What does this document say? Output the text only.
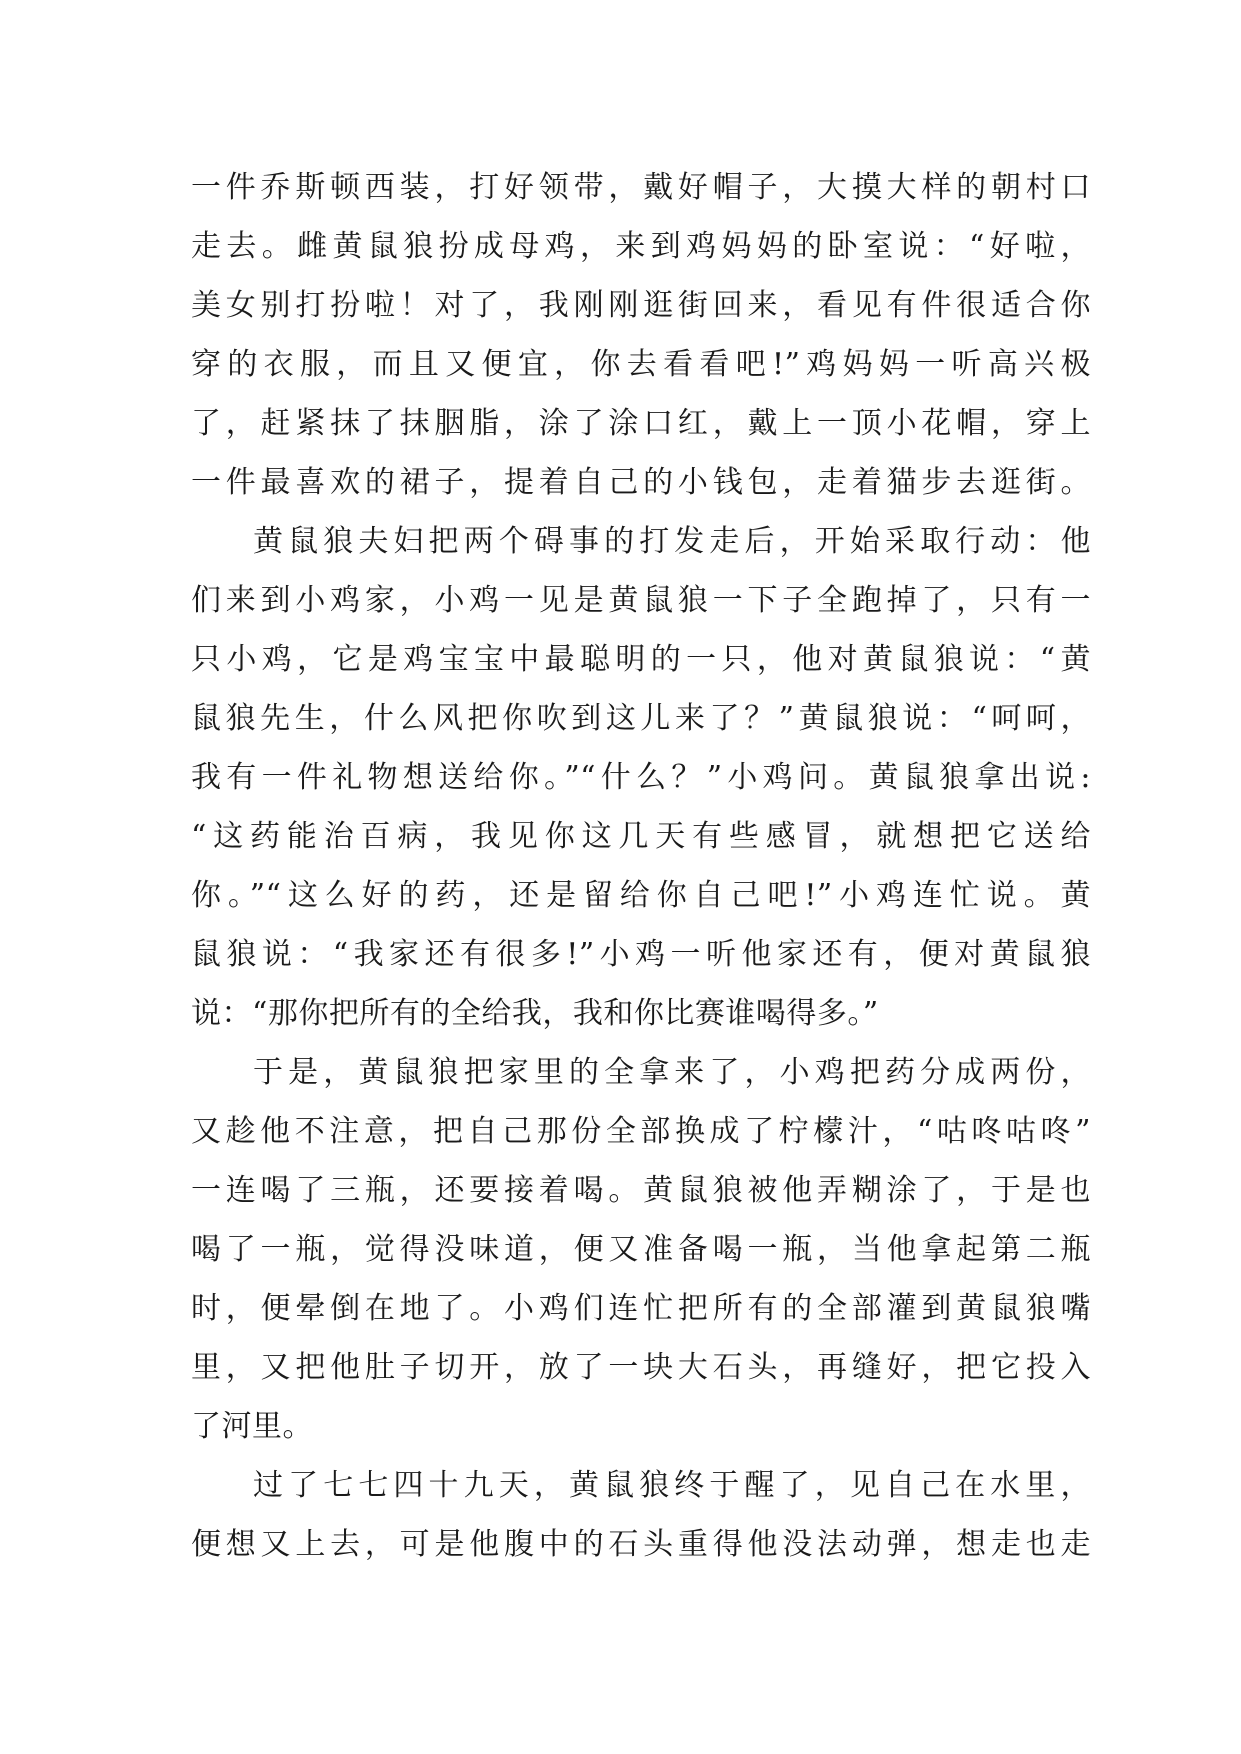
一件乔斯顿西装，打好领带，戴好帽子，大摸大样的朝村口
走去。雌黄鼠狼扮成母鸡，来到鸡妈妈的卧室说：“好啦，
美女别打扮啦！对了，我刚刚逛街回来，看见有件很适合你
穿的衣服，而且又便宜，你去看看吧!”鸡妈妈一听高兴极
了，赶紧抹了抹胭脂，涂了涂口红，戴上一顶小花帽，穿上
一件最喜欢的裙子，提着自己的小钱包，走着猫步去逛街。
黄鼠狼夫妇把两个碍事的打发走后，开始采取行动：他
们来到小鸡家，小鸡一见是黄鼠狼一下子全跑掉了，只有一
只小鸡，它是鸡宝宝中最聪明的一只，他对黄鼠狼说：“黄
鼠狼先生，什么风把你吹到这儿来了？”黄鼠狼说：“呵呵，
我有一件礼物想送给你。”“什么？”小鸡问。黄鼠狼拿出说:
“这药能治百病，我见你这几天有些感冒，就想把它送给
你。”“这么好的药，还是留给你自己吧!”小鸡连忙说。黄
鼠狼说：“我家还有很多!”小鸡一听他家还有，便对黄鼠狼
说：“那你把所有的全给我，我和你比赛谁喝得多。”
于是，黄鼠狼把家里的全拿来了，小鸡把药分成两份，
又趁他不注意，把自己那份全部换成了柠檬汁，“咕咚咕咚”
一连喝了三瓶，还要接着喝。黄鼠狼被他弄糊涂了，于是也
喝了一瓶，觉得没味道，便又准备喝一瓶，当他拿起第二瓶
时，便晕倒在地了。小鸡们连忙把所有的全部灌到黄鼠狼嘴
里，又把他肚子切开，放了一块大石头，再缝好，把它投入
了河里。
过了七七四十九天，黄鼠狼终于醒了，见自己在水里，
便想又上去，可是他腹中的石头重得他没法动弹，想走也走
